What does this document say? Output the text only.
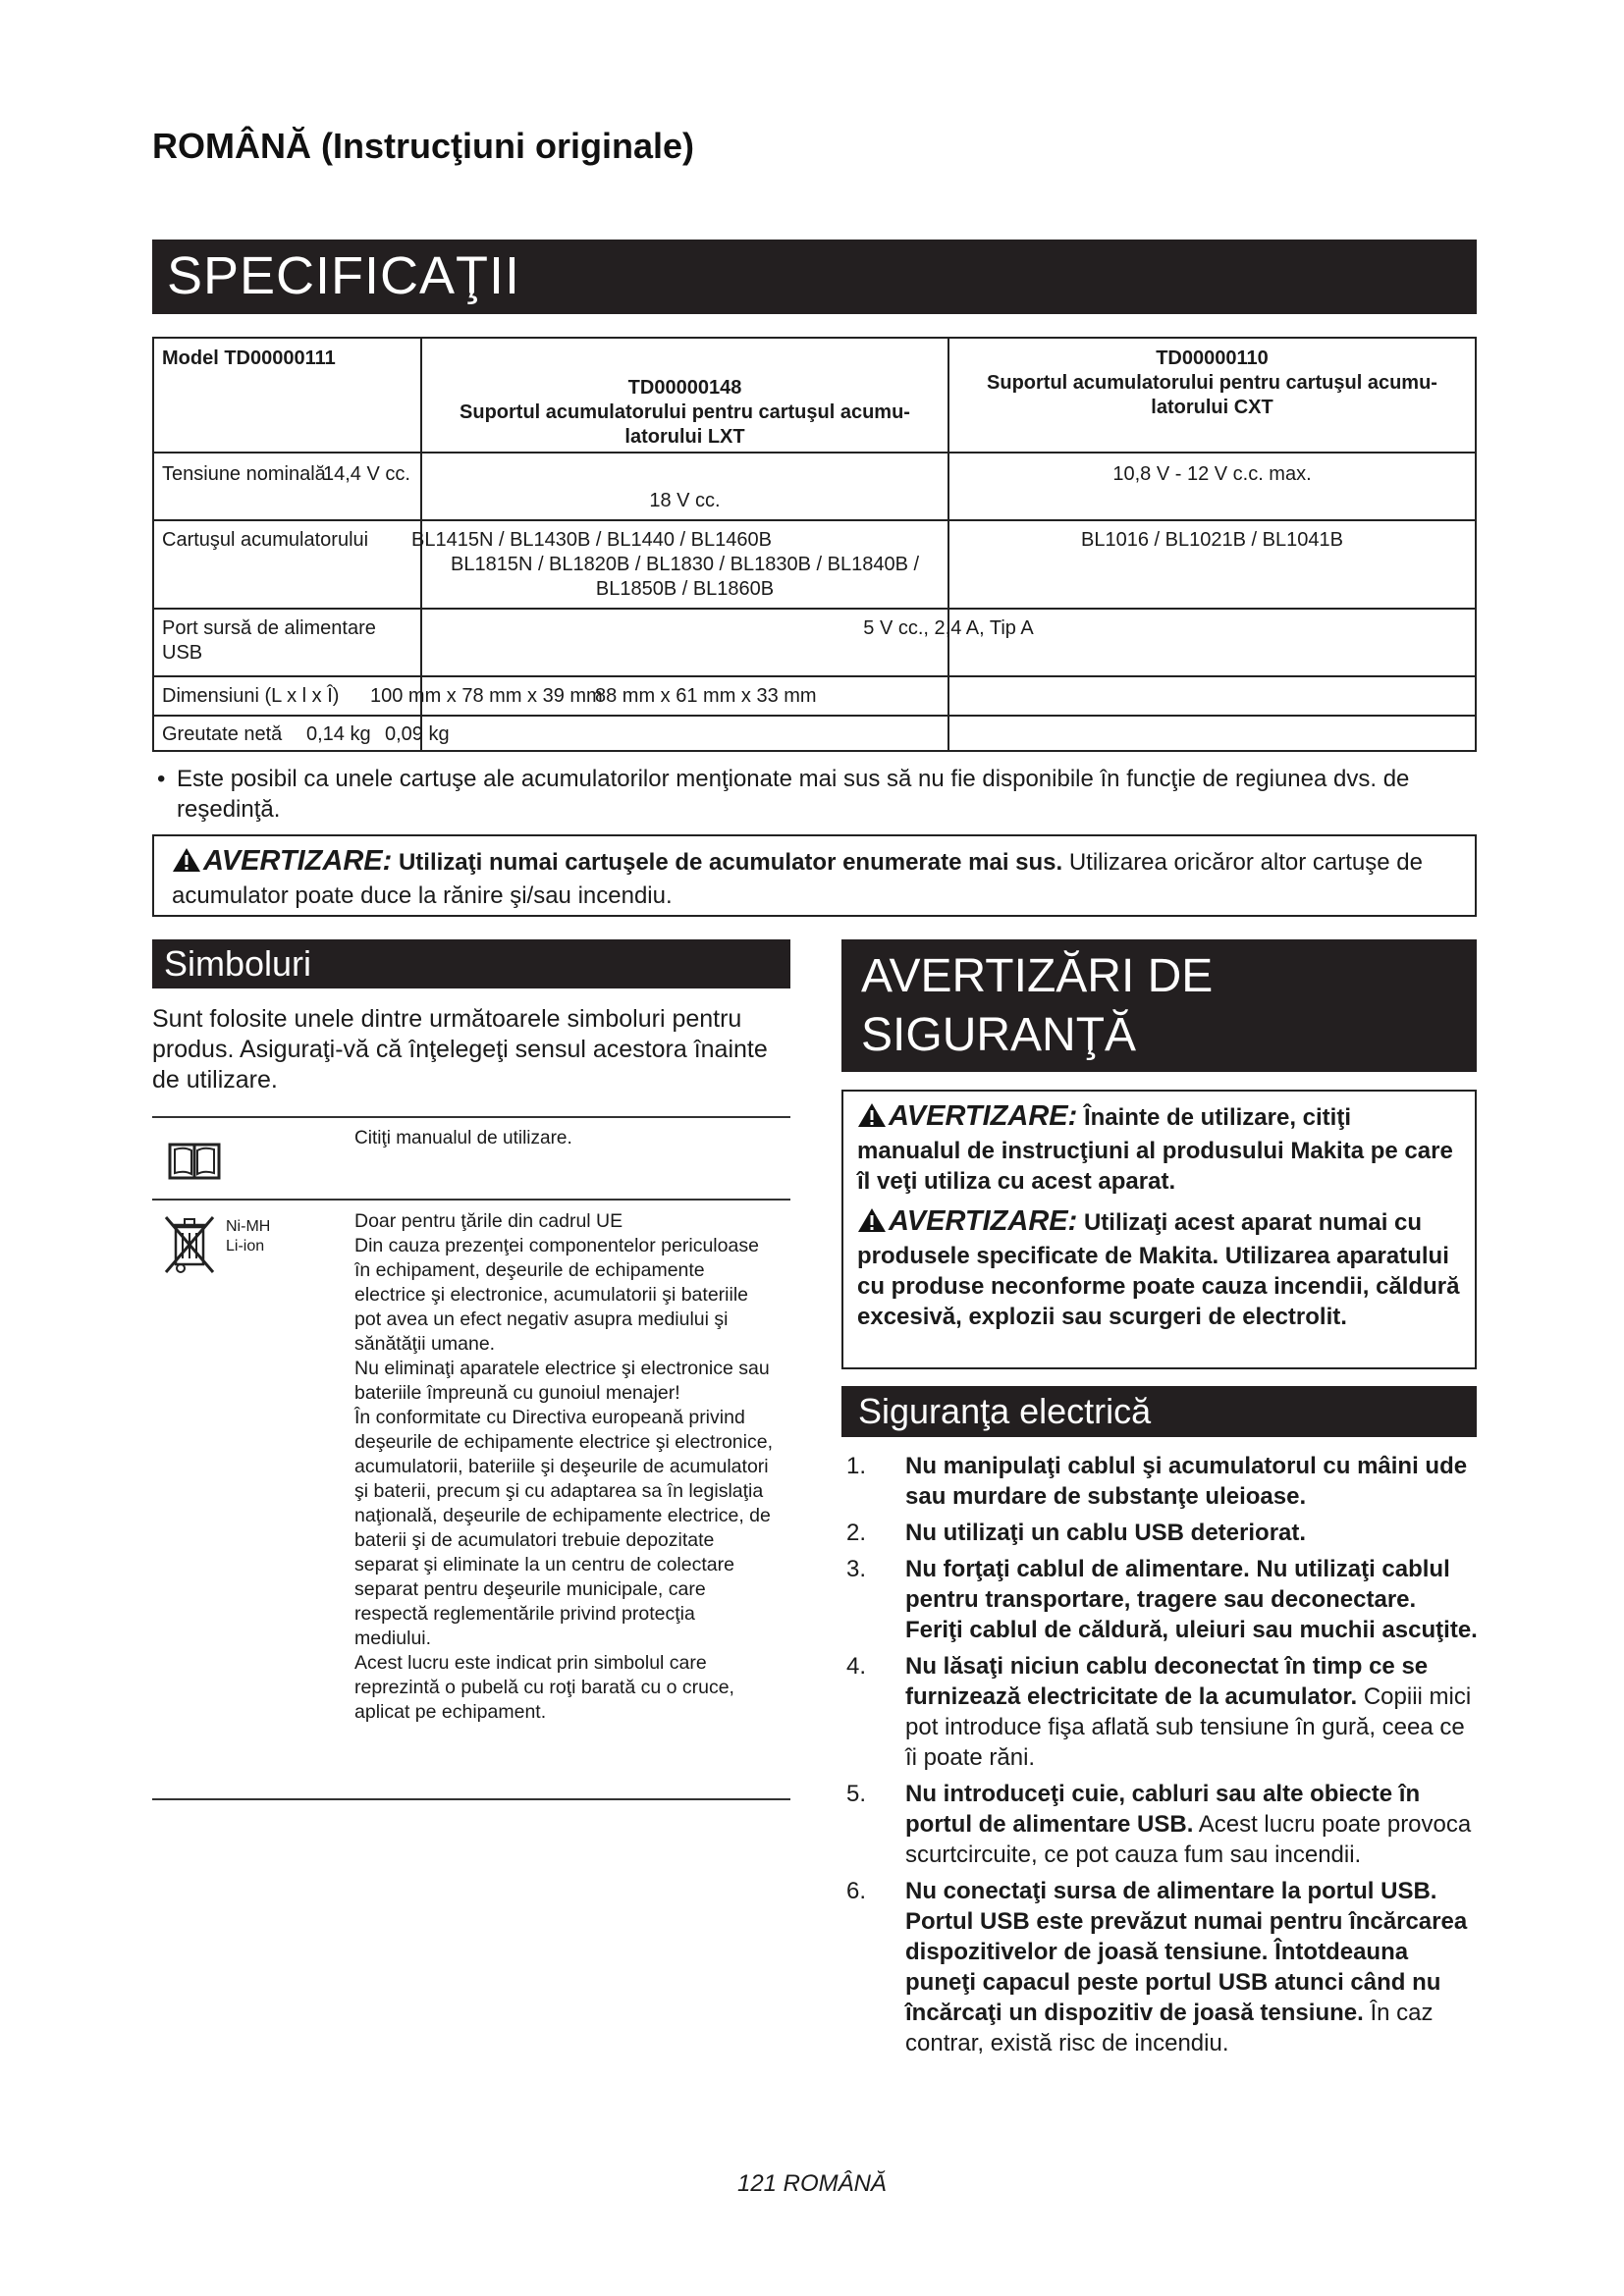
ROMÂNĂ (Instrucţiuni originale)
SPECIFICAŢII
Model TD00000111
TD00000148
Suportul acumulatorului pentru cartuşul acumu-latorului LXT
TD00000110
Suportul acumulatorului pentru cartuşul acumu-latorului CXT
Tensiune nominală
14,4 V cc.
18 V cc.
10,8 V - 12 V c.c. max.
Cartuşul acumulatorului BL1415N / BL1430B / BL1440 / BL1460B
BL1815N / BL1820B / BL1830 / BL1830B / BL1840B / BL1850B / BL1860B
BL1016 / BL1021B / BL1041B
Port sursă de alimentare USB
5 V cc., 2,4 A, Tip A
Dimensiuni (L x l x Î) 100 mm x 78 mm x 39 mm
88 mm x 61 mm x 33 mm
Greutate netă 0,14 kg 0,09 kg
• Este posibil ca unele cartuşe ale acumulatorilor menţionate mai sus să nu fie disponibile în funcţie de regiunea dvs. de reşedinţă.
AVERTIZARE: Utilizaţi numai cartuşele de acumulator enumerate mai sus. Utilizarea oricăror altor cartuşe de acumulator poate duce la rănire şi/sau incendiu.
Simboluri
Sunt folosite unele dintre următoarele simboluri pentru produs. Asiguraţi-vă că înţelegeţi sensul acestora înainte de utilizare.
Citiţi manualul de utilizare.
Ni-MH
Li-ion
Doar pentru ţările din cadrul UE
Din cauza prezenţei componentelor periculoase în echipament, deşeurile de echipamente electrice şi electronice, acumulatorii şi bateriile pot avea un efect negativ asupra mediului şi sănătăţii umane.
Nu eliminaţi aparatele electrice şi electronice sau bateriile împreună cu gunoiul menajer!
În conformitate cu Directiva europeană privind deşeurile de echipamente electrice şi electronice, acumulatorii, bateriile şi deşeurile de acumulatori şi baterii, precum şi cu adaptarea sa în legislaţia naţională, deşeurile de echipamente electrice, de baterii şi de acumulatori trebuie depozitate separat şi eliminate la un centru de colectare separat pentru deşeurile municipale, care respectă reglementările privind protecţia mediului.
Acest lucru este indicat prin simbolul care reprezintă o pubelă cu roţi barată cu o cruce, aplicat pe echipament.
AVERTIZĂRI DE SIGURANŢĂ

AVERTIZARE: Înainte de utilizare, citiţi manualul de instrucţiuni al produsului Makita pe care îl veţi utiliza cu acest aparat.

AVERTIZARE: Utilizaţi acest aparat numai cu produsele specificate de Makita. Utilizarea aparatului cu produse neconforme poate cauza incendii, căldură excesivă, explozii sau scurgeri de electrolit.

Siguranţa electrică
1. Nu manipulaţi cablul şi acumulatorul cu mâini ude sau murdare de substanţe uleioase.
2. Nu utilizaţi un cablu USB deteriorat.
3. Nu forţaţi cablul de alimentare. Nu utilizaţi cablul pentru transportare, tragere sau deconectare. Feriţi cablul de căldură, uleiuri sau muchii ascuţite.
4. Nu lăsaţi niciun cablu deconectat în timp ce se furnizează electricitate de la acumulator. Copiii mici pot introduce fişa aflată sub tensiune în gură, ceea ce îi poate răni.
5. Nu introduceţi cuie, cabluri sau alte obiecte în portul de alimentare USB. Acest lucru poate provoca scurtcircuite, ce pot cauza fum sau incendii.
6. Nu conectaţi sursa de alimentare la portul USB. Portul USB este prevăzut numai pentru încărcarea dispozitivelor de joasă tensiune. Întotdeauna puneţi capacul peste portul USB atunci când nu încărcaţi un dispozitiv de joasă tensiune. În caz contrar, există risc de incendiu.
121 ROMÂNĂ
